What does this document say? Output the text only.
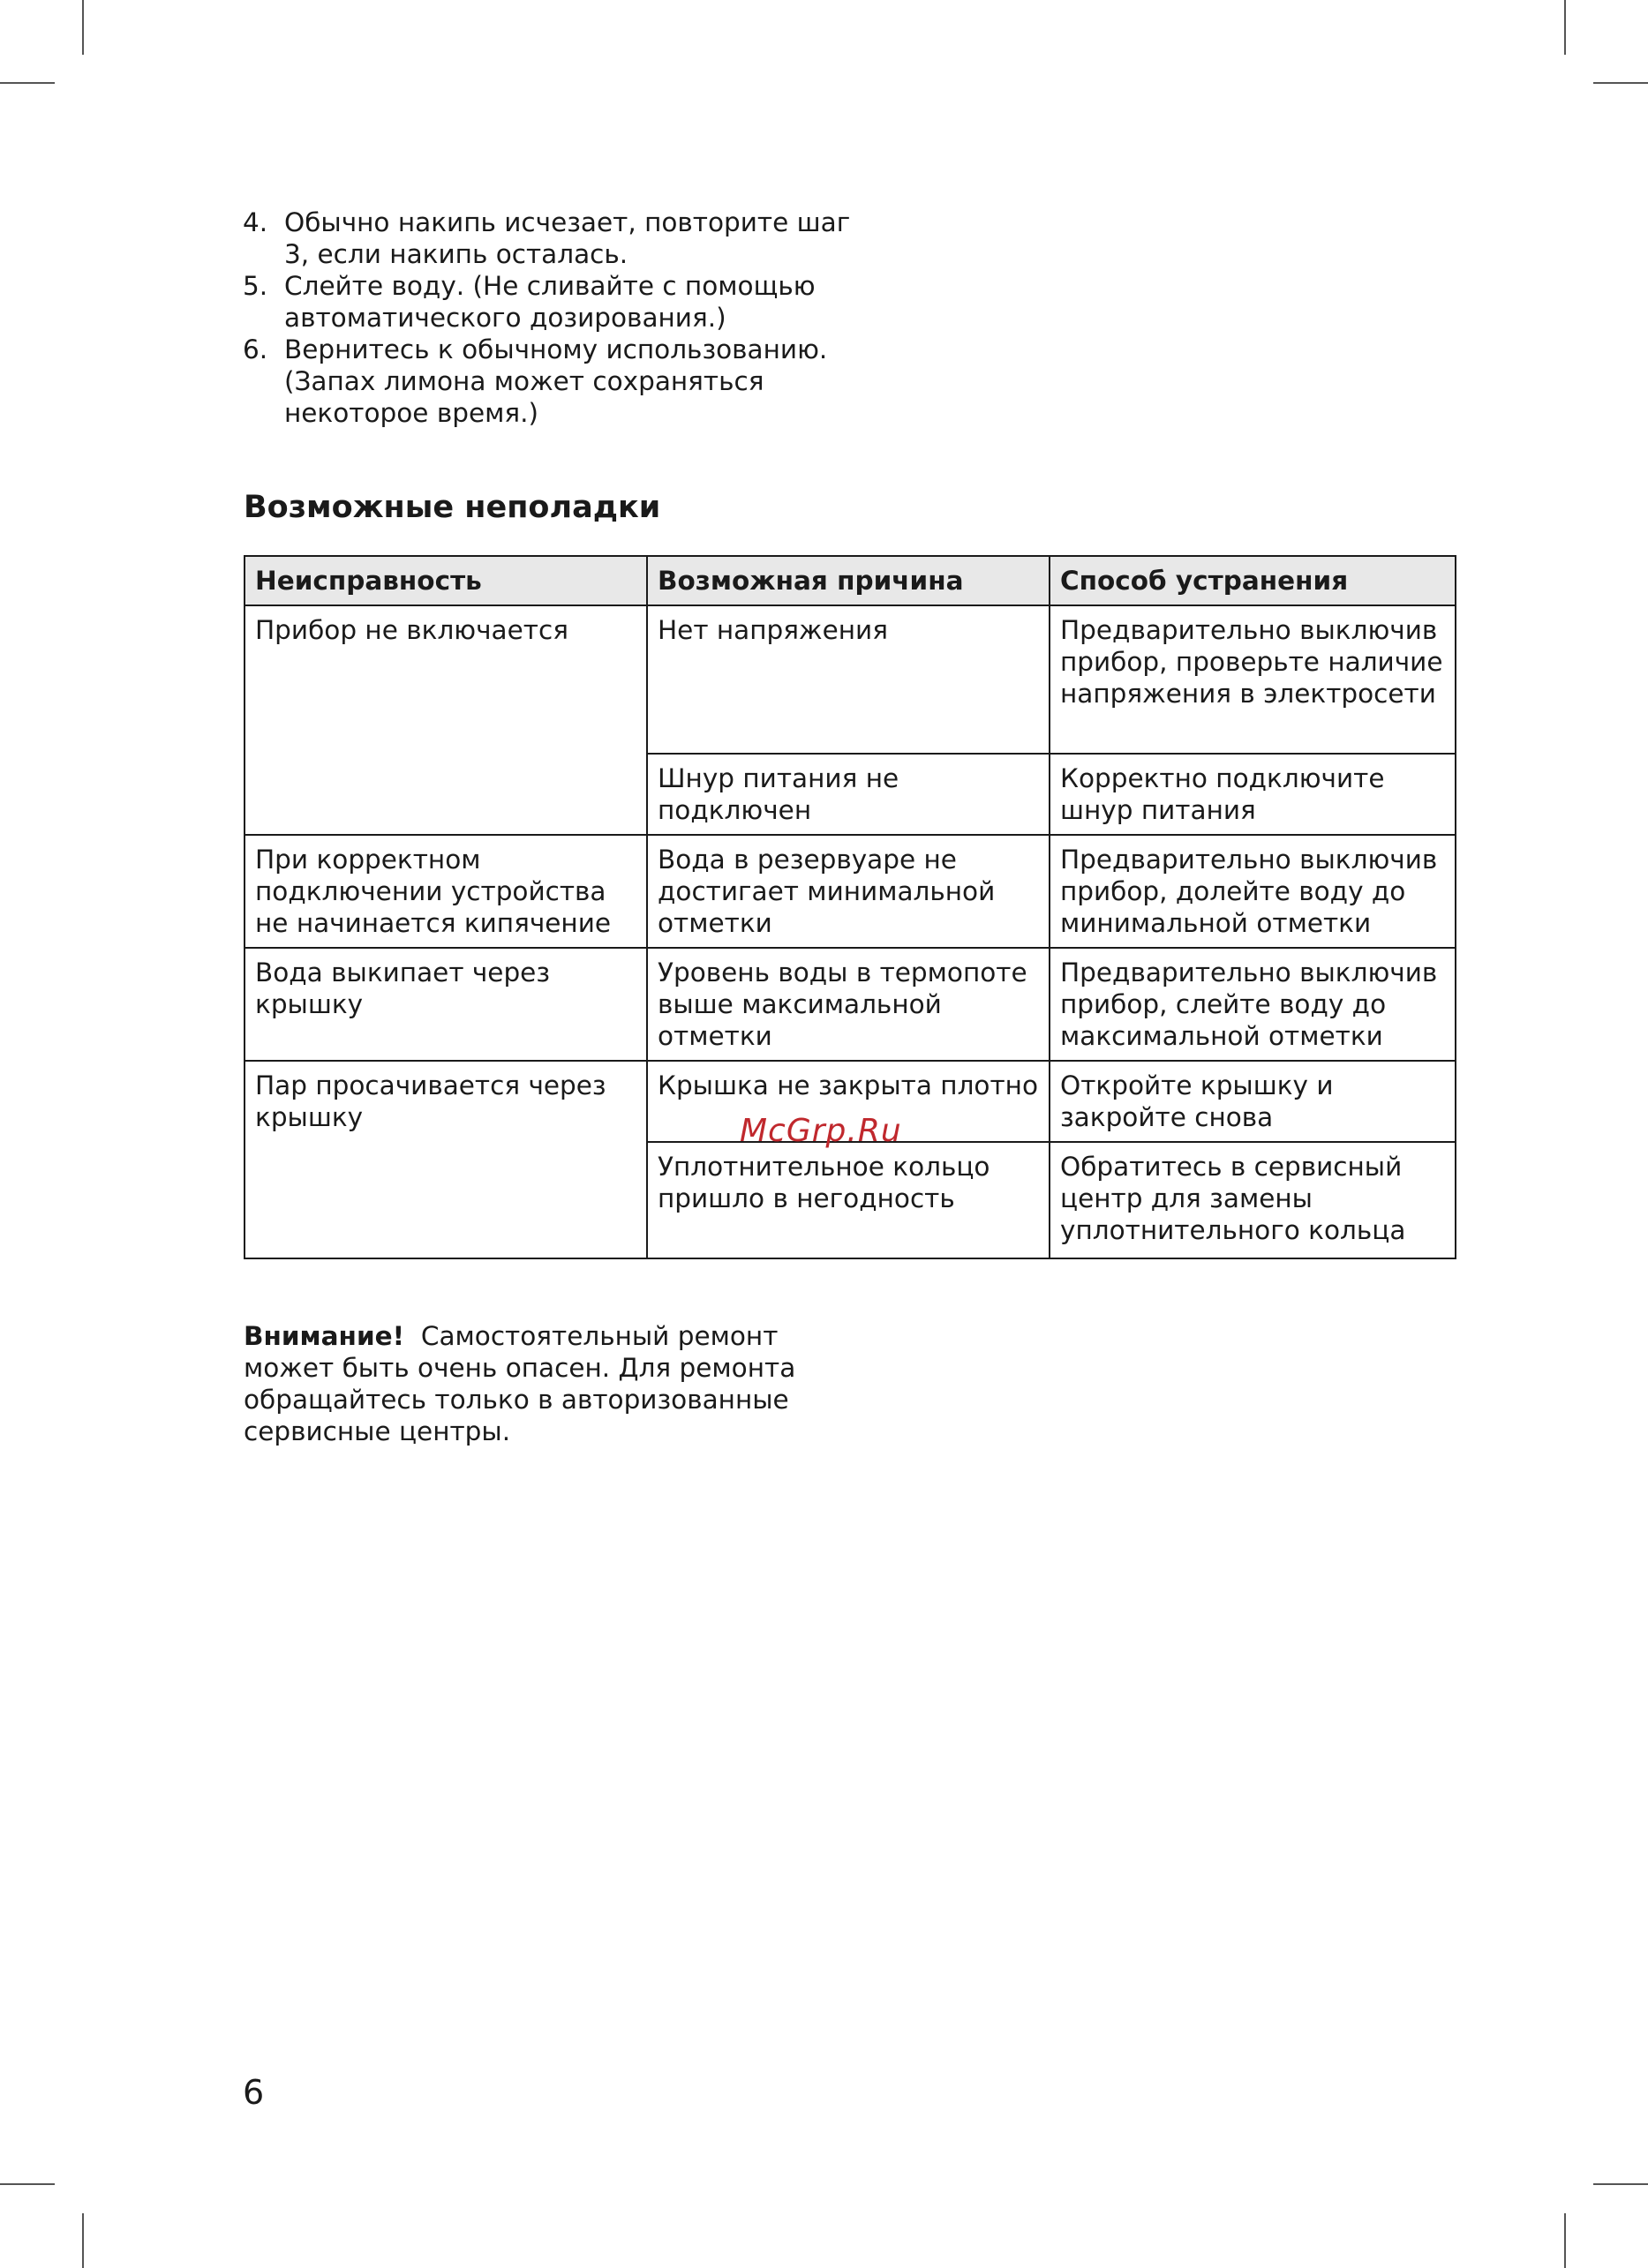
4. Обычно накипь исчезает, повторите шаг 3, если накипь осталась.
5. Слейте воду. (Не сливайте с помощью автоматического дозирования.)
6. Вернитесь к обычному использованию. (Запах лимона может сохраняться некоторое время.)
Возможные неполадки
Неисправность	Возможная причина	Способ устранения
Прибор не включается	Нет напряжения	Предварительно выключив прибор, проверьте наличие напряжения в электросети
	Шнур питания не подключен	Корректно подключите шнур питания
При корректном подключении устройства не начинается кипячение	Вода в резервуаре не достигает минимальной отметки	Предварительно выключив прибор, долейте воду до минимальной отметки
Вода выкипает через крышку	Уровень воды в термопоте выше максимальной отметки	Предварительно выключив прибор, слейте воду до максимальной отметки
Пар просачивается через крышку	Крышка не закрыта плотно	Откройте крышку и закройте снова
	Уплотнительное кольцо пришло в негодность	Обратитесь в сервисный центр для замены уплотнительного кольца
McGrp.Ru

Внимание! Самостоятельный ремонт может быть очень опасен. Для ремонта обращайтесь только в авторизованные сервисные центры.

6
